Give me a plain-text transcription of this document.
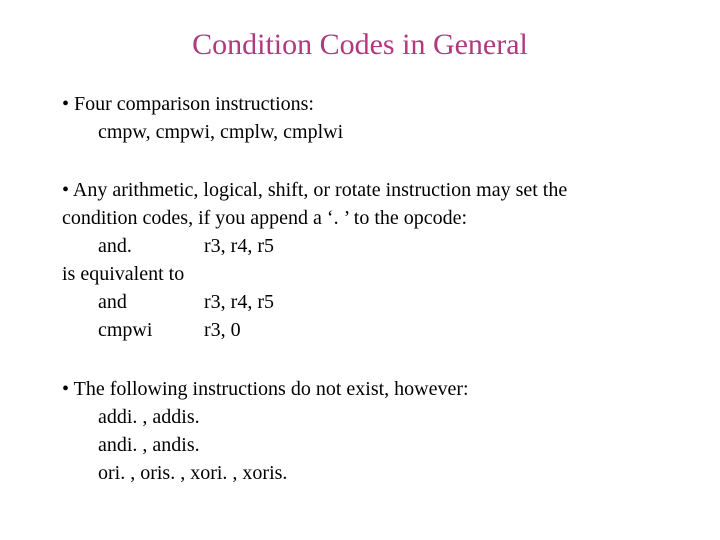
Condition Codes in General
• Four comparison instructions:
cmpw, cmpwi, cmplw, cmplwi
• Any arithmetic, logical, shift, or rotate instruction may set the
condition codes, if you append a ‘. ’ to the opcode:
and.	r3, r4, r5
is equivalent to
and	r3, r4, r5
cmpwi	r3, 0
• The following instructions do not exist, however:
addi. , addis.
andi. , andis.
ori. , oris. , xori. , xoris.
